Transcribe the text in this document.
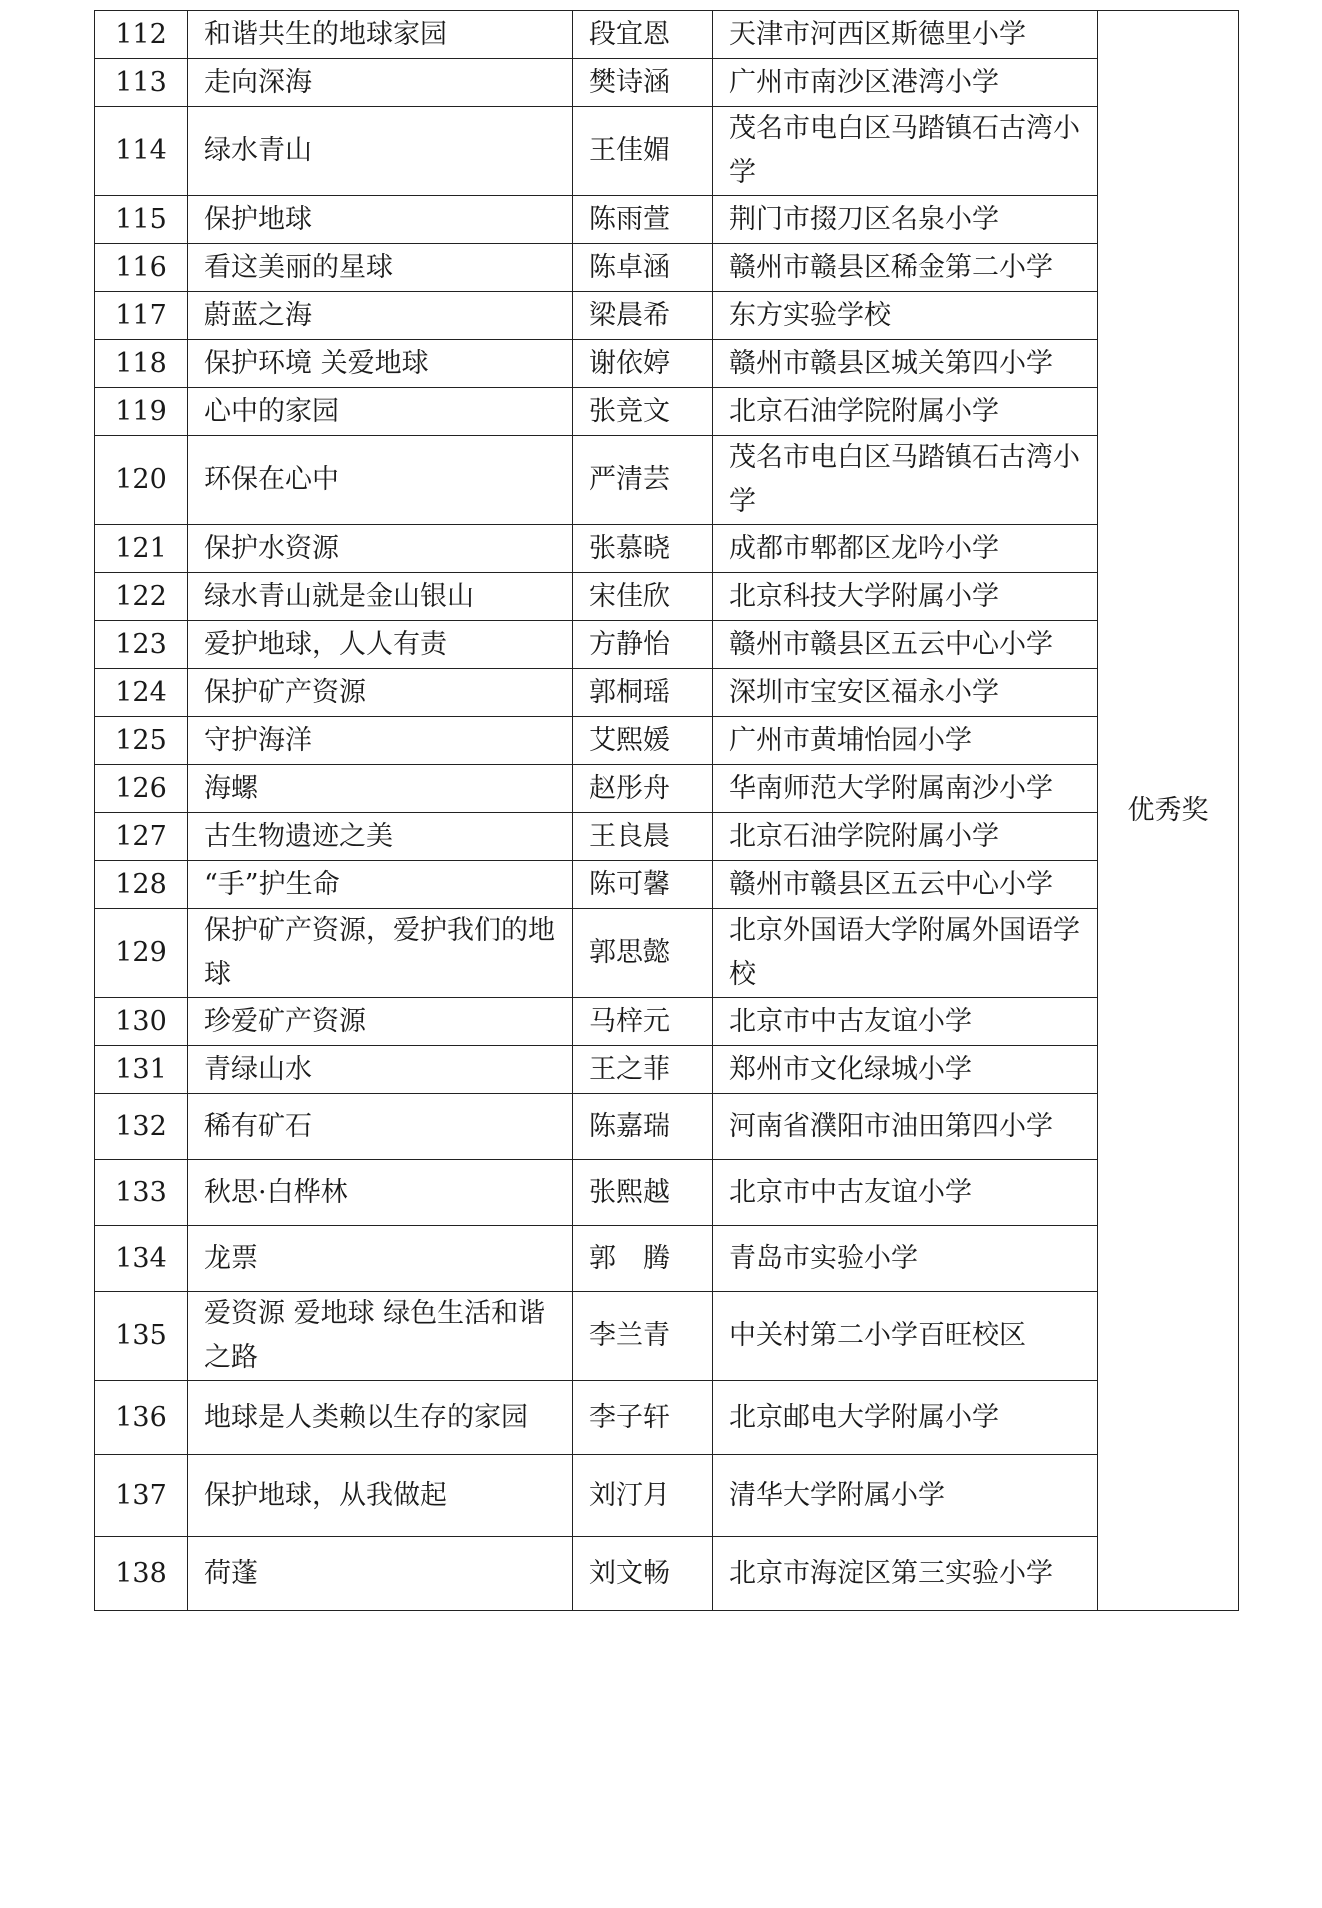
112	和谐共生的地球家园	段宜恩	天津市河西区斯德里小学	优秀奖
113	走向深海	樊诗涵	广州市南沙区港湾小学	
114	绿水青山	王佳媚	茂名市电白区马踏镇石古湾小学	
115	保护地球	陈雨萱	荆门市掇刀区名泉小学	
116	看这美丽的星球	陈卓涵	赣州市赣县区稀金第二小学	
117	蔚蓝之海	梁晨希	东方实验学校	
118	保护环境 关爱地球	谢依婷	赣州市赣县区城关第四小学	
119	心中的家园	张竞文	北京石油学院附属小学	
120	环保在心中	严清芸	茂名市电白区马踏镇石古湾小学	
121	保护水资源	张慕晓	成都市郫都区龙吟小学	
122	绿水青山就是金山银山	宋佳欣	北京科技大学附属小学	
123	爱护地球，人人有责	方静怡	赣州市赣县区五云中心小学	
124	保护矿产资源	郭桐瑶	深圳市宝安区福永小学	
125	守护海洋	艾熙媛	广州市黄埔怡园小学	
126	海螺	赵彤舟	华南师范大学附属南沙小学	
127	古生物遗迹之美	王良晨	北京石油学院附属小学	
128	“手”护生命	陈可馨	赣州市赣县区五云中心小学	
129	保护矿产资源，爱护我们的地球	郭思懿	北京外国语大学附属外国语学校	
130	珍爱矿产资源	马梓元	北京市中古友谊小学	
131	青绿山水	王之菲	郑州市文化绿城小学	
132	稀有矿石	陈嘉瑞	河南省濮阳市油田第四小学	
133	秋思·白桦林	张熙越	北京市中古友谊小学	
134	龙票	郭　腾	青岛市实验小学	
135	爱资源 爱地球 绿色生活和谐之路	李兰青	中关村第二小学百旺校区	
136	地球是人类赖以生存的家园	李子轩	北京邮电大学附属小学	
137	保护地球，从我做起	刘汀月	清华大学附属小学	
138	荷蓬	刘文畅	北京市海淀区第三实验小学	
